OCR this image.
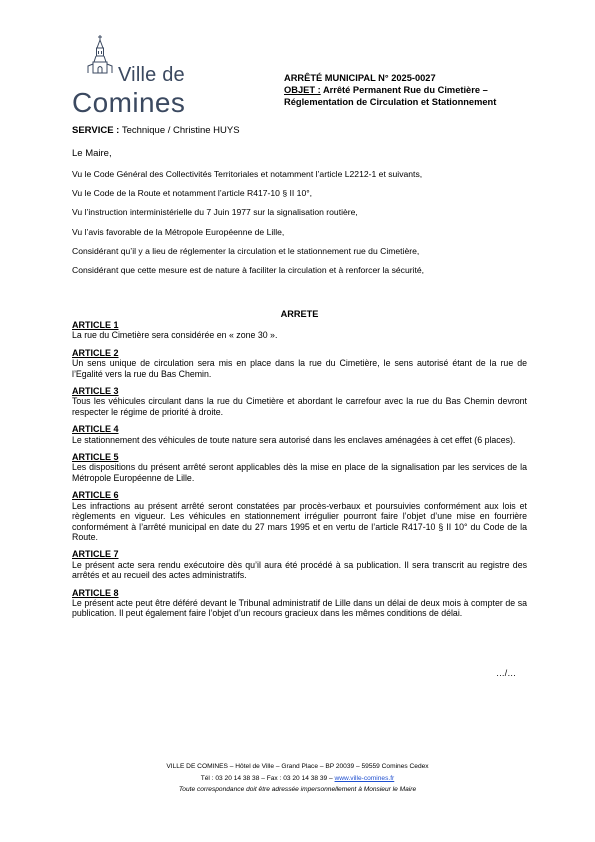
Ville de
Comines
ARRÊTÉ MUNICIPAL N° 2025-0027
OBJET : Arrêté Permanent Rue du Cimetière –
Réglementation de Circulation et Stationnement
SERVICE : Technique / Christine HUYS
Le Maire,
Vu le Code Général des Collectivités Territoriales et notamment l’article L2212-1 et suivants,
Vu le Code de la Route et notamment l’article R417-10 § II 10°,
Vu l’instruction interministérielle du 7 Juin 1977 sur la signalisation routière,
Vu l’avis favorable de la Métropole Européenne de Lille,
Considérant qu’il y a lieu de réglementer la circulation et le stationnement rue du Cimetière,
Considérant que cette mesure est de nature à faciliter la circulation et à renforcer la sécurité,
ARRETE
ARTICLE 1
La rue du Cimetière sera considérée en « zone 30 ».
ARTICLE 2
Un sens unique de circulation sera mis en place dans la rue du Cimetière, le sens autorisé étant de la rue de l’Egalité vers la rue du Bas Chemin.
ARTICLE 3
Tous les véhicules circulant dans la rue du Cimetière et abordant le carrefour avec la rue du Bas Chemin devront respecter le régime de priorité à droite.
ARTICLE 4
Le stationnement des véhicules de toute nature sera autorisé dans les enclaves aménagées à cet effet (6 places).
ARTICLE 5
Les dispositions du présent arrêté seront applicables dès la mise en place de la signalisation par les services de la Métropole Européenne de Lille.
ARTICLE 6
Les infractions au présent arrêté seront constatées par procès-verbaux et poursuivies conformément aux lois et règlements en vigueur. Les véhicules en stationnement irrégulier pourront faire l’objet d’une mise en fourrière conformément à l’arrêté municipal en date du 27 mars 1995 et en vertu de l’article R417-10 § II 10° du Code de la Route.
ARTICLE 7
Le présent acte sera rendu exécutoire dès qu’il aura été procédé à sa publication. Il sera transcrit au registre des arrêtés et au recueil des actes administratifs.
ARTICLE 8
Le présent acte peut être déféré devant le Tribunal administratif de Lille dans un délai de deux mois à compter de sa publication. Il peut également faire l’objet d’un recours gracieux dans les mêmes conditions de délai.
…/…
VILLE DE COMINES – Hôtel de Ville – Grand Place – BP 20039 – 59559 Comines Cedex
Tél : 03 20 14 38 38 – Fax : 03 20 14 38 39 – www.ville-comines.fr
Toute correspondance doit être adressée impersonnellement à Monsieur le Maire
